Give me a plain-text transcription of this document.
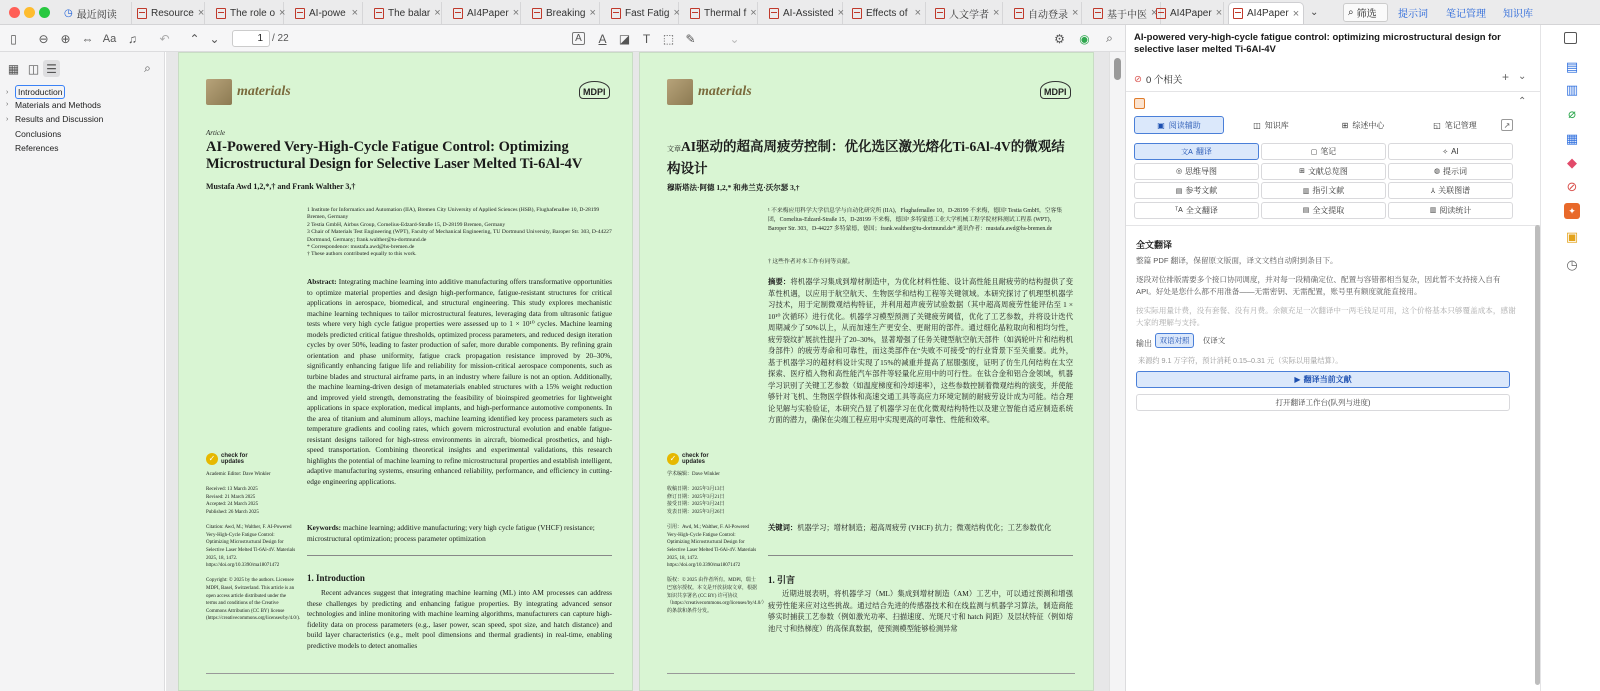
◷ 最近阅读	Resource ×	The role o × AI-powe ×	The balar ×	AI4Paper ×	Breaking ×	Fast Fatig × Thermal f ×	AI-Assisted × Effects of ×	人文学者 ×	自动登录 ×	基于中医 × AI4Paper × AI4Paper × ⌄	⌕ 筛选 提示词 笔记管理 知识库
▯	⊖ ⊕ ⇔ Aa ♫	↶ ⌃ ⌄	1 / 22	A	A	◪	T	⬚ ✎	⌄	⚙ ◉	⌕
▦ ◫ ☰	⌕
›	Introduction
› Materials and Methods
› Results and Discussion
Conclusions
References
materials	MDPI
Article
AI-Powered Very-High-Cycle Fatigue Control: Optimizing Microstructural Design for Selective Laser Melted Ti-6Al-4V
Mustafa Awd 1,2,*,† and Frank Walther 3,†
1 Institute for Informatics and Automation (IIA), Bremen City University of Applied Sciences (HSB), Flughafenallee 10, D-28199 Bremen, Germany
2 Testia GmbH, Airbus Group, Cornelius-Edzard-Straße 15, D-28199 Bremen, Germany
3 Chair of Materials Test Engineering (WPT), Faculty of Mechanical Engineering, TU Dortmund University, Baroper Str. 303, D-44227 Dortmund, Germany; frank.walther@tu-dortmund.de
* Correspondence: mustafa.awd@hs-bremen.de
† These authors contributed equally to this work.
Abstract: Integrating machine learning into additive manufacturing offers transformative opportunities to optimize material properties and design high-performance, fatigue-resistant structures for critical applications in aerospace, biomedical, and structural engineering. This study explores mechanistic machine learning techniques to tailor microstructural features, leveraging data from ultrasonic fatigue tests where very high cycle fatigue properties were assessed up to 1 × 10¹⁰ cycles. Machine learning models predicted critical fatigue thresholds, optimized process parameters, and reduced design iteration cycles by over 50%, leading to faster production of safer, more durable components. By refining grain orientation and phase uniformity, fatigue crack propagation resistance improved by 20–30%, significantly enhancing fatigue life and reliability for mission-critical aerospace components, such as turbine blades and structural airframe parts, in an industry where failure is not an option. Additionally, the machine learning-driven design of metamaterials enabled structures with a 15% weight reduction and improved yield strength, demonstrating the feasibility of bioinspired geometries for lightweight applications in space exploration, medical implants, and high-performance automotive components. In the area of titanium and aluminum alloys, machine learning identified key process parameters such as temperature gradients and cooling rates, which govern microstructural evolution and enable fatigue-resistant designs tailored for high-stress environments in aircraft, biomedical prosthetics, and high-speed transportation. Combining theoretical insights and experimental validations, this research highlights the potential of machine learning to refine microstructural properties and establish intelligent, adaptive manufacturing systems, ensuring enhanced reliability, performance, and efficiency in cutting-edge engineering applications.
✓ check for updates
Academic Editor: Dave Winkler

Received: 13 March 2025
Revised: 21 March 2025
Accepted: 24 March 2025
Published: 26 March 2025

Citation: Awd, M.; Walther, F. AI-Powered Very-High-Cycle Fatigue Control: Optimizing Microstructural Design for Selective Laser Melted Ti-6Al-4V. Materials 2025, 18, 1472. https://doi.org/10.3390/ma18071472

Copyright: © 2025 by the authors. Licensee MDPI, Basel, Switzerland. This article is an open access article distributed under the terms and conditions of the Creative Commons Attribution (CC BY) license (https://creativecommons.org/licenses/by/4.0/).
Keywords: machine learning; additive manufacturing; very high cycle fatigue (VHCF) resistance; microstructural optimization; process parameter optimization
1. Introduction
Recent advances suggest that integrating machine learning (ML) into AM processes can address these challenges by predicting and enhancing fatigue properties. By integrating advanced sensor technologies and inline monitoring with machine learning algorithms, manufacturers can capture high-fidelity data on process parameters (e.g., laser power, scan speed, spot size, and hatch distance) and build layer characteristics (e.g., melt pool dimensions and thermal gradients) in real-time, enabling predictive models to detect anomalies
materials	MDPI
文章AI驱动的超高周疲劳控制：优化选区激光熔化Ti-6Al-4V的微观结构设计
穆斯塔法·阿德 1,2,* 和弗兰克·沃尔瑟 3,†
¹ 不来梅应用科学大学信息学与自动化研究所 (IIA)，Flughafenallee 10，D-28199 不来梅，德国² Testia GmbH，空客集团，Cornelius-Edzard-Straße 15，D-28199 不来梅，德国³ 多特蒙德工业大学机械工程学院材料测试工程系 (WPT)，Baroper Str. 303，D-44227 多特蒙德，德国；frank.walther@tu-dortmund.de* 通讯作者：mustafa.awd@hs-bremen.de
† 这些作者对本工作有同等贡献。
摘要：将机器学习集成到增材制造中，为优化材料性能、设计高性能且耐疲劳的结构提供了变革性机遇，以应用于航空航天、生物医学和结构工程等关键领域。本研究探讨了机理型机器学习技术，用于定制微观结构特征，并利用超声疲劳试验数据（其中超高周疲劳性能评估至 1 × 10¹⁰ 次循环）进行优化。机器学习模型预测了关键疲劳阈值，优化了工艺参数，并将设计迭代周期减少了50%以上，从而加速生产更安全、更耐用的部件。通过细化晶粒取向和相均匀性，疲劳裂纹扩展抗性提升了20–30%，显著增强了任务关键型航空航天部件（如涡轮叶片和结构机身部件）的疲劳寿命和可靠性，而这类部件在“失败不可接受”的行业背景下至关重要。此外，基于机器学习的超材料设计实现了15%的减重并提高了屈服强度，证明了仿生几何结构在太空探索、医疗植入物和高性能汽车部件等轻量化应用中的可行性。在钛合金和铝合金领域，机器学习识别了关键工艺参数（如温度梯度和冷却速率），这些参数控制着微观结构的演变，并使能够针对飞机、生物医学假体和高速交通工具等高应力环境定制的耐疲劳设计成为可能。结合理论见解与实验验证，本研究凸显了机器学习在优化微观结构特性以及建立智能自适应制造系统方面的潜力，确保在尖端工程应用中实现更高的可靠性、性能和效率。
✓ check for updates
学术编辑：Dave Winkler

收稿日期：2025年3月13日
修订日期：2025年3月21日
接受日期：2025年3月24日
发表日期：2025年3月26日

引用：Awd, M.; Walther, F. AI-Powered Very-High-Cycle Fatigue Control: Optimizing Microstructural Design for Selective Laser Melted Ti-6Al-4V. Materials 2025, 18, 1472. https://doi.org/10.3390/ma18071472

版权：© 2025 由作者所有。MDPI，瑞士巴塞尔授权。本文是开放获取文章，根据知识共享署名 (CC BY) 许可协议（https://creativecommons.org/licenses/by/4.0/）的条款和条件分发。
关键词：机器学习；增材制造；超高周疲劳 (VHCF) 抗力；微观结构优化；工艺参数优化
1. 引言
近期进展表明，将机器学习（ML）集成到增材制造（AM）工艺中，可以通过预测和增强疲劳性能来应对这些挑战。通过结合先进的传感器技术和在线监测与机器学习算法，制造商能够实时捕获工艺参数（例如激光功率、扫描速度、光斑尺寸和 hatch 间距）及层状特征（例如熔池尺寸和热梯度）的高保真数据，使预测模型能够检测异常
AI-powered very-high-cycle fatigue control: optimizing microstructural design for selective laser melted Ti-6Al-4V
⊘ 0 个相关	+ ⌄
⌃
▣ 阅读辅助	◫ 知识库	⊞ 综述中心	◱ 笔记管理	↗
文A 翻译	▢ 笔记	✧ AI
◎ 思维导图	⊞ 文献总览图	◍ 提示词
▤ 参考文献	▥ 指引文献	⅄ 关联图谱
ᵀA 全文翻译	▤ 全文提取	▥ 阅读统计
全文翻译
整篇 PDF 翻译，保留原文版面，译文文档自动附到条目下。
逐段对位排版需要多个接口协同调度，并对每一段精确定位、配置与容错都相当复杂，因此暂不支持接入自有 API。好处是您什么都不用准备——无需密钥、无需配置，账号里有额度就能直接用。
按实际用量计费，没有套餐、没有月费。余额充足一次翻译中一两毛钱足可用，这个价格基本只够覆盖成本，感谢大家的理解与支持。
输出	双语对照	仅译文
来源约 9.1 万字符，预计消耗 0.15–0.31 元（实际以用量结算）。
▶ 翻译当前文献
打开翻译工作台(队列与进度)
▤
▥
⌀
▦
◆
⊘
✦
▣
◷
